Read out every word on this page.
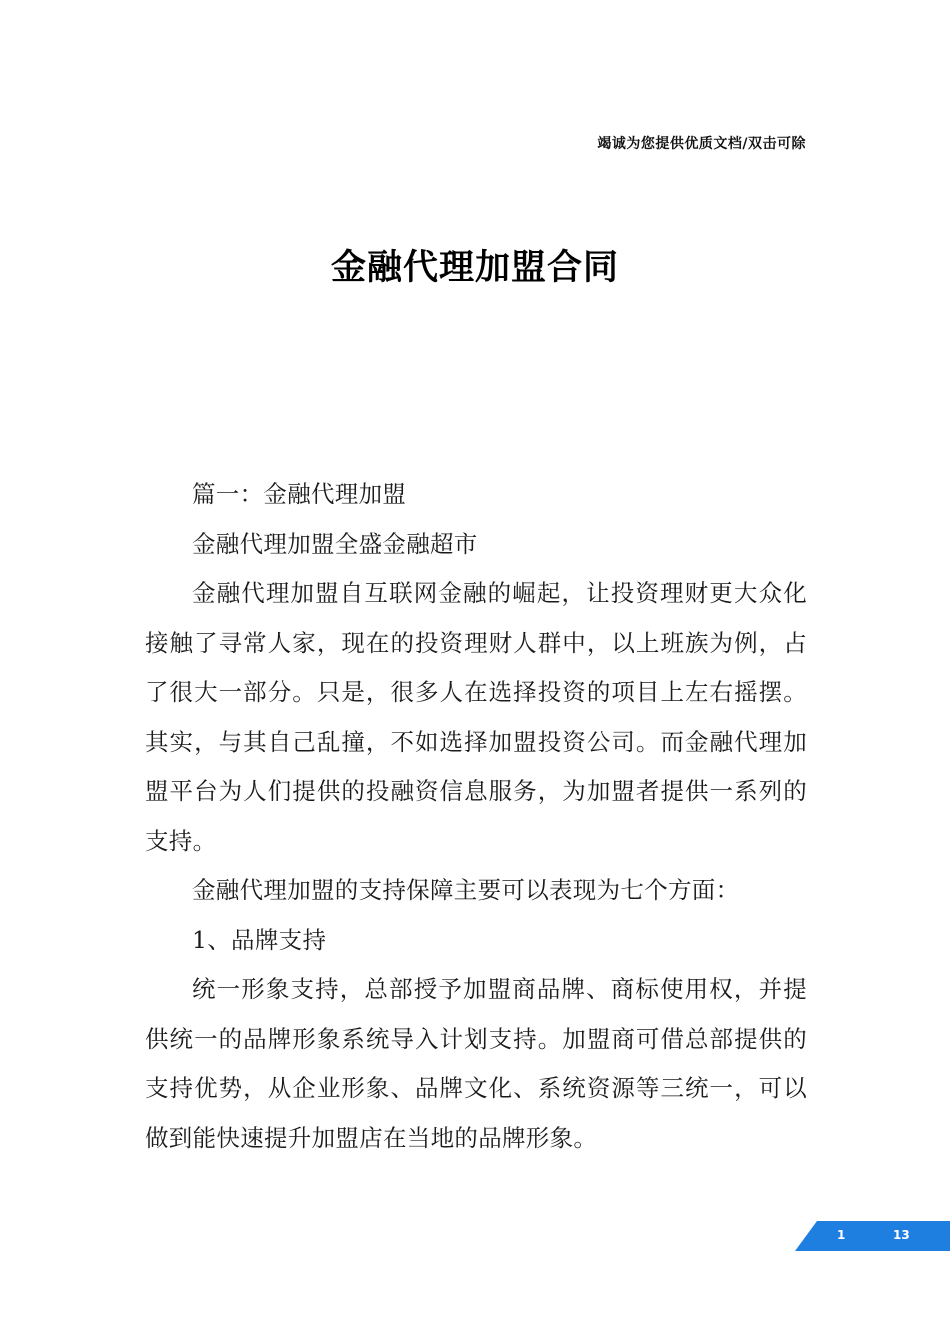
竭诚为您提供优质文档/双击可除
金融代理加盟合同

篇一：金融代理加盟

金融代理加盟全盛金融超市

金融代理加盟自互联网金融的崛起，让投资理财更大众化接触了寻常人家，现在的投资理财人群中，以上班族为例，占了很大一部分。只是，很多人在选择投资的项目上左右摇摆。其实，与其自己乱撞，不如选择加盟投资公司。而金融代理加盟平台为人们提供的投融资信息服务，为加盟者提供一系列的支持。

金融代理加盟的支持保障主要可以表现为七个方面：

1、品牌支持

统一形象支持，总部授予加盟商品牌、商标使用权，并提供统一的品牌形象系统导入计划支持。加盟商可借总部提供的支持优势，从企业形象、品牌文化、系统资源等三统一，可以做到能快速提升加盟店在当地的品牌形象。

1	13
